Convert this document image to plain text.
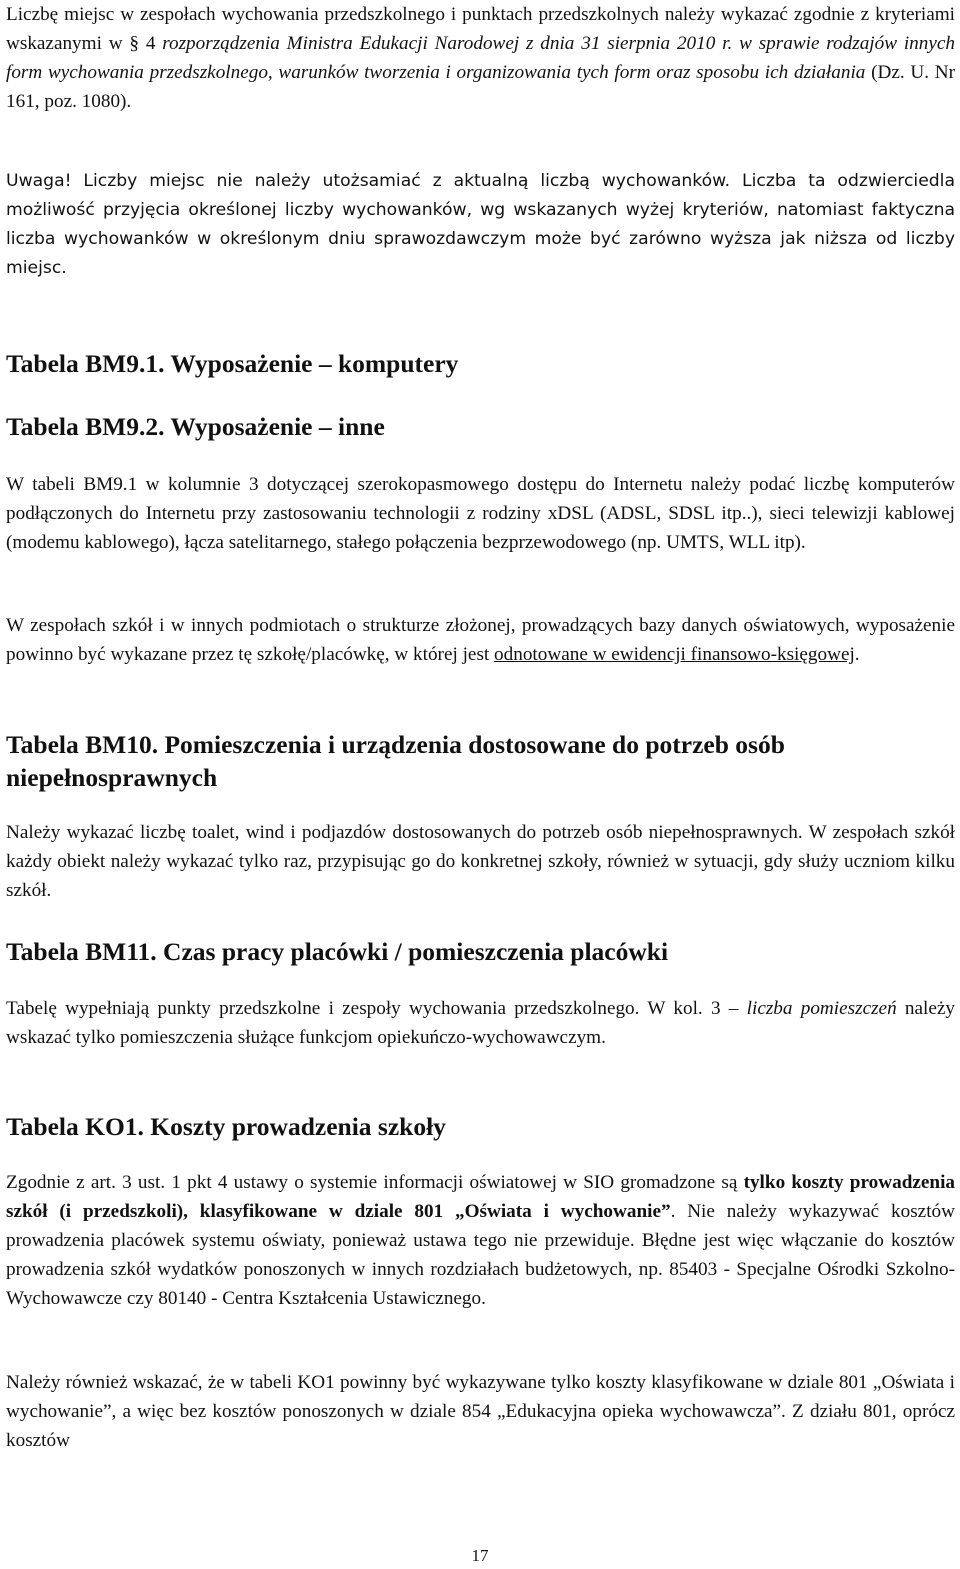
Liczbę miejsc w zespołach wychowania przedszkolnego i punktach przedszkolnych należy wykazać zgodnie z kryteriami wskazanymi w § 4 rozporządzenia Ministra Edukacji Narodowej z dnia 31 sierpnia 2010 r. w sprawie rodzajów innych form wychowania przedszkolnego, warunków tworzenia i organizowania tych form oraz sposobu ich działania (Dz. U. Nr 161, poz. 1080).

Uwaga! Liczby miejsc nie należy utożsamiać z aktualną liczbą wychowanków. Liczba ta odzwierciedla możliwość przyjęcia określonej liczby wychowanków, wg wskazanych wyżej kryteriów, natomiast faktyczna liczba wychowanków w określonym dniu sprawozdawczym może być zarówno wyższa jak niższa od liczby miejsc.

Tabela BM9.1. Wyposażenie – komputery
Tabela BM9.2. Wyposażenie – inne

W tabeli BM9.1 w kolumnie 3 dotyczącej szerokopasmowego dostępu do Internetu należy podać liczbę komputerów podłączonych do Internetu przy zastosowaniu technologii z rodziny xDSL (ADSL, SDSL itp..), sieci telewizji kablowej (modemu kablowego), łącza satelitarnego, stałego połączenia bezprzewodowego (np. UMTS, WLL itp).

W zespołach szkół i w innych podmiotach o strukturze złożonej, prowadzących bazy danych oświatowych, wyposażenie powinno być wykazane przez tę szkołę/placówkę, w której jest odnotowane w ewidencji finansowo-księgowej.

Tabela BM10. Pomieszczenia i urządzenia dostosowane do potrzeb osób niepełnosprawnych

Należy wykazać liczbę toalet, wind i podjazdów dostosowanych do potrzeb osób niepełnosprawnych. W zespołach szkół każdy obiekt należy wykazać tylko raz, przypisując go do konkretnej szkoły, również w sytuacji, gdy służy uczniom kilku szkół.

Tabela BM11. Czas pracy placówki / pomieszczenia placówki

Tabelę wypełniają punkty przedszkolne i zespoły wychowania przedszkolnego. W kol. 3 – liczba pomieszczeń należy wskazać tylko pomieszczenia służące funkcjom opiekuńczo-wychowawczym.

Tabela KO1. Koszty prowadzenia szkoły

Zgodnie z art. 3 ust. 1 pkt 4 ustawy o systemie informacji oświatowej w SIO gromadzone są tylko koszty prowadzenia szkół (i przedszkoli), klasyfikowane w dziale 801 „Oświata i wychowanie”. Nie należy wykazywać kosztów prowadzenia placówek systemu oświaty, ponieważ ustawa tego nie przewiduje. Błędne jest więc włączanie do kosztów prowadzenia szkół wydatków ponoszonych w innych rozdziałach budżetowych, np. 85403 - Specjalne Ośrodki Szkolno-Wychowawcze czy 80140 - Centra Kształcenia Ustawicznego.

Należy również wskazać, że w tabeli KO1 powinny być wykazywane tylko koszty klasyfikowane w dziale 801 „Oświata i wychowanie”, a więc bez kosztów ponoszonych w dziale 854 „Edukacyjna opieka wychowawcza”. Z działu 801, oprócz kosztów

17
